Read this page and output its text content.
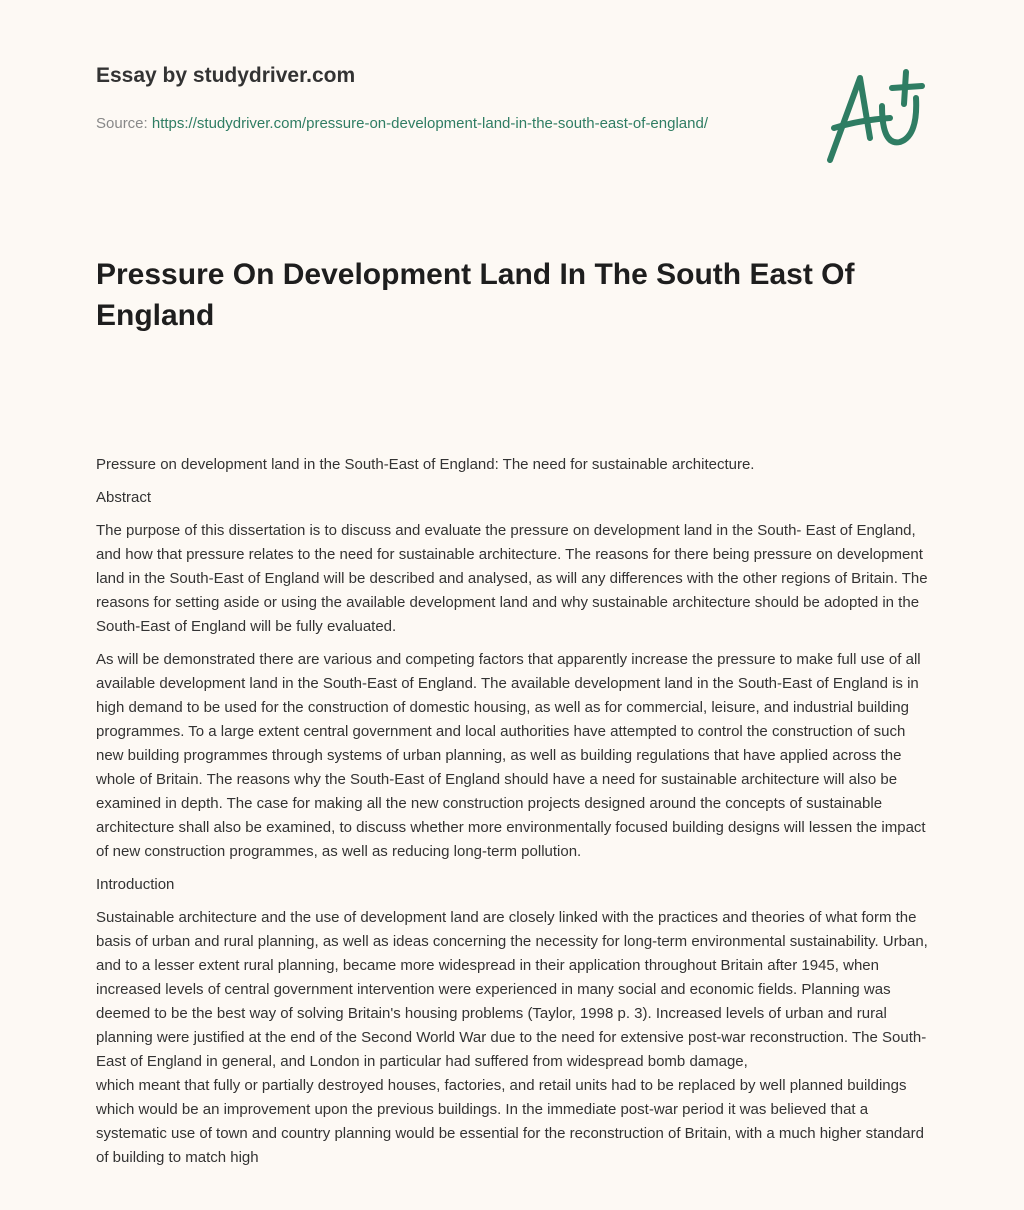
Essay by studydriver.com
Source: https://studydriver.com/pressure-on-development-land-in-the-south-east-of-england/
Pressure On Development Land In The South East Of England

Pressure on development land in the South-East of England: The need for sustainable architecture.

Abstract

The purpose of this dissertation is to discuss and evaluate the pressure on development land in the South- East of England, and how that pressure relates to the need for sustainable architecture. The reasons for there being pressure on development land in the South-East of England will be described and analysed, as will any differences with the other regions of Britain. The reasons for setting aside or using the available development land and why sustainable architecture should be adopted in the South-East of England will be fully evaluated.

As will be demonstrated there are various and competing factors that apparently increase the pressure to make full use of all available development land in the South-East of England. The available development land in the South-East of England is in high demand to be used for the construction of domestic housing, as well as for commercial, leisure, and industrial building programmes. To a large extent central government and local authorities have attempted to control the construction of such new building programmes through systems of urban planning, as well as building regulations that have applied across the whole of Britain. The reasons why the South-East of England should have a need for sustainable architecture will also be examined in depth. The case for making all the new construction projects designed around the concepts of sustainable architecture shall also be examined, to discuss whether more environmentally focused building designs will lessen the impact of new construction programmes, as well as reducing long-term pollution.

Introduction

Sustainable architecture and the use of development land are closely linked with the practices and theories of what form the basis of urban and rural planning, as well as ideas concerning the necessity for long-term environmental sustainability. Urban, and to a lesser extent rural planning, became more widespread in their application throughout Britain after 1945, when increased levels of central government intervention were experienced in many social and economic fields. Planning was deemed to be the best way of solving Britain's housing problems (Taylor, 1998 p. 3). Increased levels of urban and rural planning were justified at the end of the Second World War due to the need for extensive post-war reconstruction. The South-East of England in general, and London in particular had suffered from widespread bomb damage,
which meant that fully or partially destroyed houses, factories, and retail units had to be replaced by well planned buildings which would be an improvement upon the previous buildings. In the immediate post-war period it was believed that a systematic use of town and country planning would be essential for the reconstruction of Britain, with a much higher standard of building to match high
